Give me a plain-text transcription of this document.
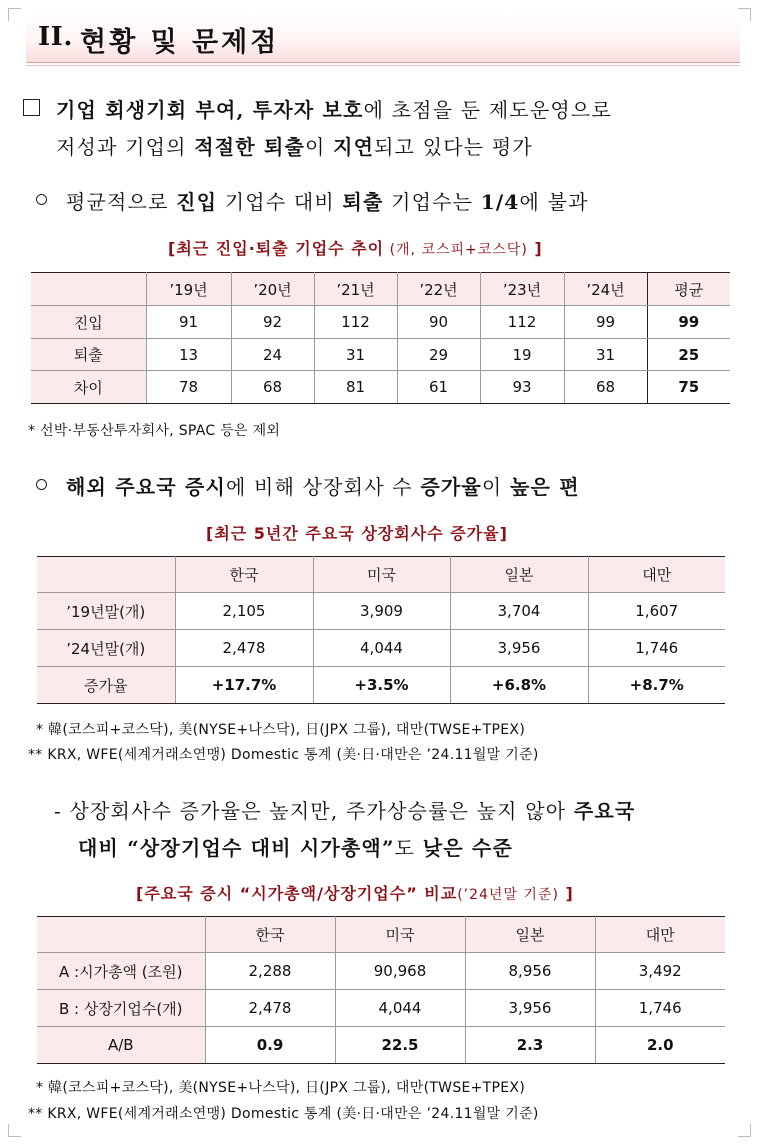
II. 현황 및 문제점
기업 회생기회 부여, 투자자 보호에 초점을 둔 제도운영으로
저성과 기업의 적절한 퇴출이 지연되고 있다는 평가
평균적으로 진입 기업수 대비 퇴출 기업수는 1/4에 불과
[최근 진입·퇴출 기업수 추이 (개, 코스피+코스닥) ]
	’19년	’20년	’21년	’22년	’23년	’24년	평균
진입	91	92	112	90	112	99	99
퇴출	13	24	31	29	19	31	25
차이	78	68	81	61	93	68	75
* 선박·부동산투자회사, SPAC 등은 제외
해외 주요국 증시에 비해 상장회사 수 증가율이 높은 편
[최근 5년간 주요국 상장회사수 증가율]
	한국	미국	일본	대만
’19년말(개)	2,105	3,909	3,704	1,607
’24년말(개)	2,478	4,044	3,956	1,746
증가율	+17.7%	+3.5%	+6.8%	+8.7%
* 韓(코스피+코스닥), 美(NYSE+나스닥), 日(JPX 그룹), 대만(TWSE+TPEX)
** KRX, WFE(세계거래소연맹) Domestic 통계 (美·日·대만은 ’24.11월말 기준)
- 상장회사수 증가율은 높지만, 주가상승률은 높지 않아 주요국
대비 “상장기업수 대비 시가총액”도 낮은 수준
[주요국 증시 “시가총액/상장기업수” 비교(’24년말 기준) ]
	한국	미국	일본	대만
A :시가총액 (조원)	2,288	90,968	8,956	3,492
B : 상장기업수(개)	2,478	4,044	3,956	1,746
A/B	0.9	22.5	2.3	2.0
* 韓(코스피+코스닥), 美(NYSE+나스닥), 日(JPX 그룹), 대만(TWSE+TPEX)
** KRX, WFE(세계거래소연맹) Domestic 통계 (美·日·대만은 ’24.11월말 기준)
